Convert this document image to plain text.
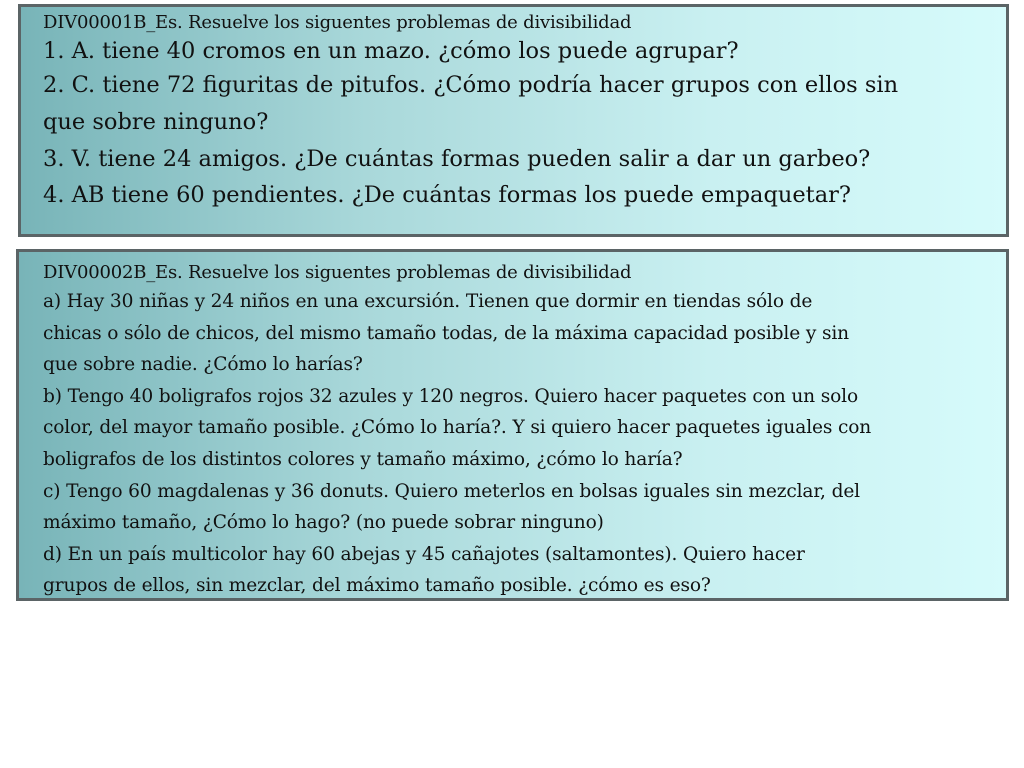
DIV00001B_Es. Resuelve los siguentes problemas de divisibilidad
1. A. tiene 40 cromos en un mazo. ¿cómo los puede agrupar?
2. C. tiene 72 figuritas de pitufos. ¿Cómo podría hacer grupos con ellos sin
que sobre ninguno?
3. V. tiene 24 amigos. ¿De cuántas formas pueden salir a dar un garbeo?
4. AB tiene 60 pendientes. ¿De cuántas formas los puede empaquetar?
DIV00002B_Es. Resuelve los siguentes problemas de divisibilidad
a) Hay 30 niñas y 24 niños en una excursión. Tienen que dormir en tiendas sólo de
chicas o sólo de chicos, del mismo tamaño todas, de la máxima capacidad posible y sin
que sobre nadie. ¿Cómo lo harías?
b) Tengo 40 boligrafos rojos 32 azules y 120 negros. Quiero hacer paquetes con un solo
color, del mayor tamaño posible. ¿Cómo lo haría?. Y si quiero hacer paquetes iguales con
boligrafos de los distintos colores y tamaño máximo, ¿cómo lo haría?
c) Tengo 60 magdalenas y 36 donuts. Quiero meterlos en bolsas iguales sin mezclar, del
máximo tamaño, ¿Cómo lo hago? (no puede sobrar ninguno)
d) En un país multicolor hay 60 abejas y 45 cañajotes (saltamontes). Quiero hacer
grupos de ellos, sin mezclar, del máximo tamaño posible. ¿cómo es eso?
